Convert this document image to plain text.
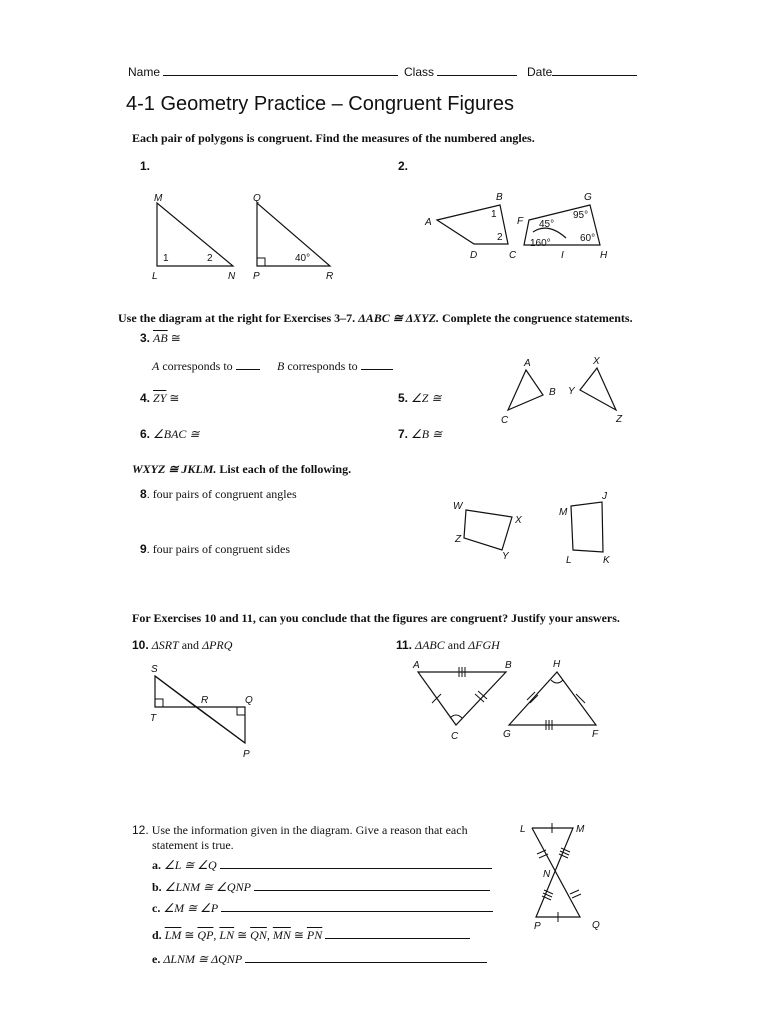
Name	Class	Date
4-1 Geometry Practice – Congruent Figures
Each pair of polygons is congruent. Find the measures of the numbered angles.
1.	2.
M	Q
L	N P	R
1	2	40°
B	G
A	F
1
2
D	C	I	H
45°
95°
60°
160°
Use the diagram at the right for Exercises 3–7. ΔABC ≅ ΔXYZ. Complete the congruence statements.
3. $\overline{AB}$ ≅
A corresponds to	B corresponds to
4. $\overline{ZY}$ ≅	5. ∠Z ≅
6. ∠BAC ≅	7. ∠B ≅
A	X
B Y
C	Z
WXYZ ≅ JKLM. List each of the following.
8. four pairs of congruent angles
9. four pairs of congruent sides
W
J
M
X
Z
Y	L	K
For Exercises 10 and 11, can you conclude that the figures are congruent? Justify your answers.
10. ΔSRT and ΔPRQ	11. ΔABC and ΔFGH
S
R	Q
T
P
A	B	H
C	G	F
12. Use the information given in the diagram. Give a reason that each
statement is true.
a. ∠L ≅ ∠Q
b. ∠LNM ≅ ∠QNP
c. ∠M ≅ ∠P
d. $\overline{LM}$ ≅ $\overline{QP}$, $\overline{LN}$ ≅ $\overline{QN}$, $\overline{MN}$ ≅ $\overline{PN}$
e. ΔLNM ≅ ΔQNP
L	M
N
P	Q
